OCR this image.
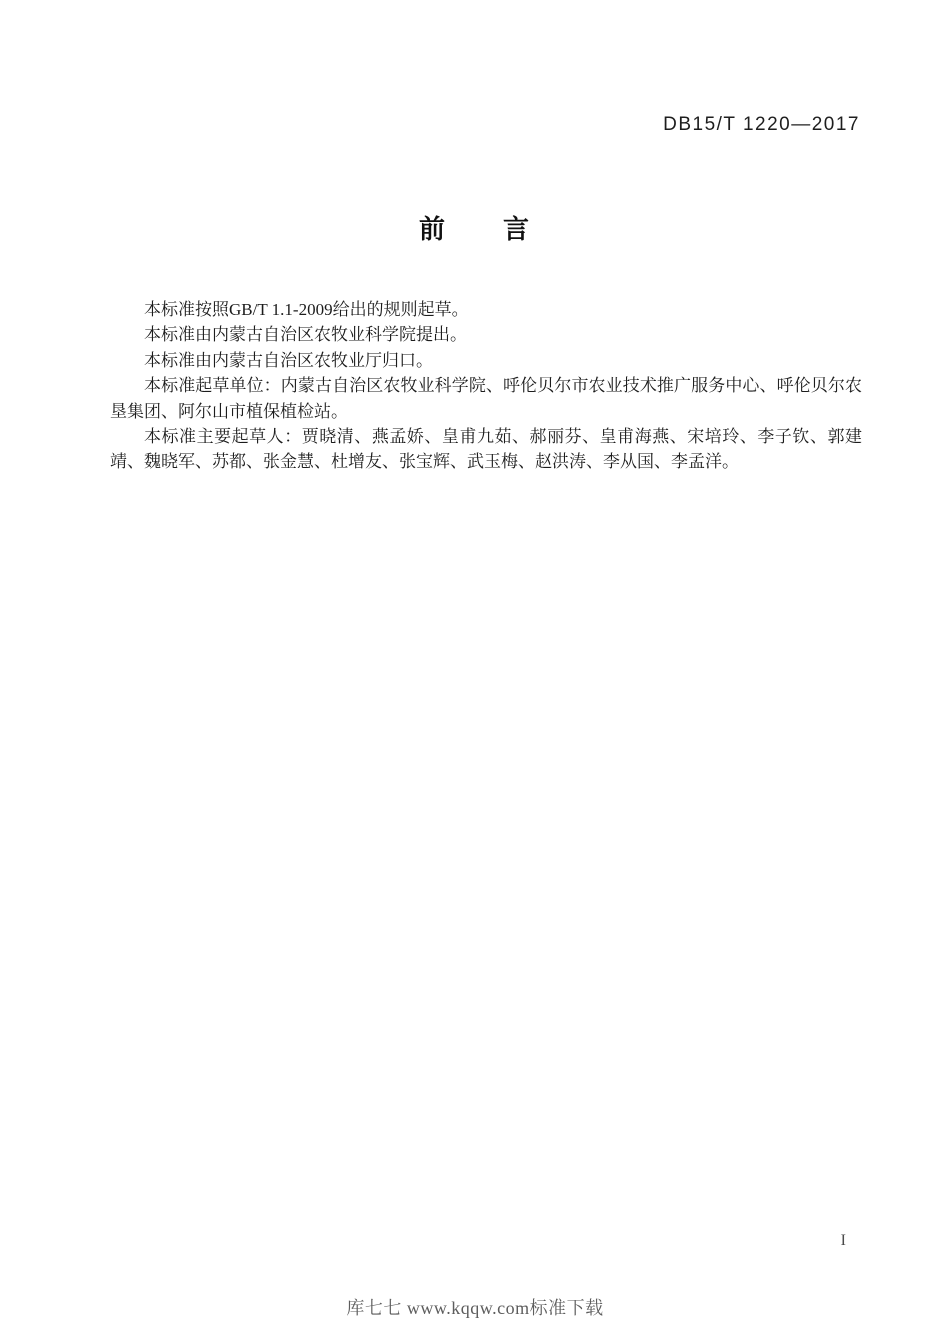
DB15/T 1220—2017
前　　言

本标准按照GB/T 1.1-2009给出的规则起草。

本标准由内蒙古自治区农牧业科学院提出。

本标准由内蒙古自治区农牧业厅归口。

本标准起草单位：内蒙古自治区农牧业科学院、呼伦贝尔市农业技术推广服务中心、呼伦贝尔农垦集团、阿尔山市植保植检站。

本标准主要起草人：贾晓清、燕孟娇、皇甫九茹、郝丽芬、皇甫海燕、宋培玲、李子钦、郭建靖、魏晓军、苏都、张金慧、杜增友、张宝辉、武玉梅、赵洪涛、李从国、李孟洋。

I
库七七 www.kqqw.com标准下载
